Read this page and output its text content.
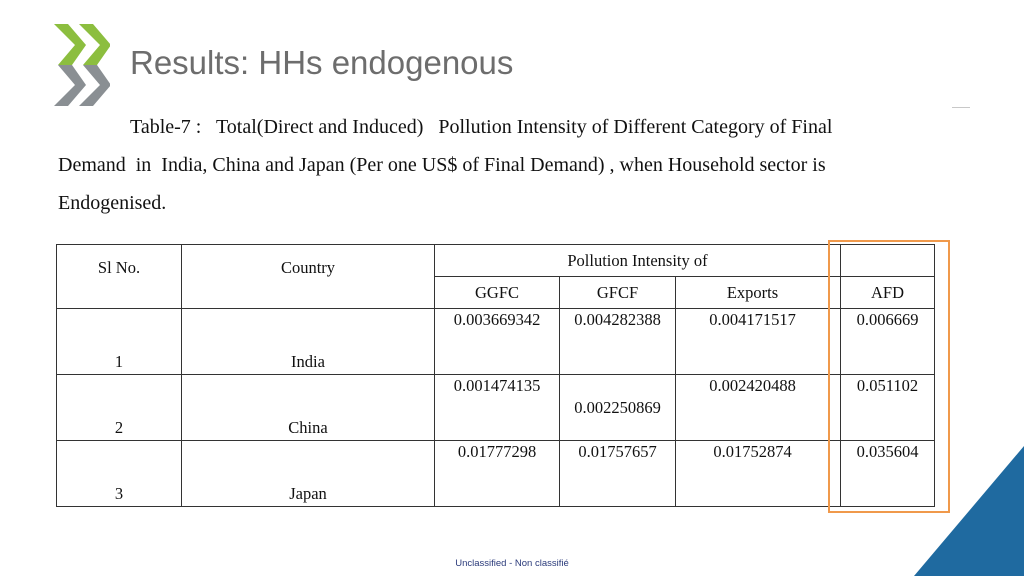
Results: HHs endogenous

Table-7 :   Total(Direct and Induced)   Pollution Intensity of Different Category of Final

Demand  in  India, China and Japan (Per one US$ of Final Demand) , when Household sector is

Endogenised.

Sl No.	Country	Pollution Intensity of				
		GGFC	GFCF	Exports		AFD
1	India	0.003669342	0.004282388	0.004171517		0.006669
2	China	0.001474135	0.002250869	0.002420488		0.051102
3	Japan	0.01777298	0.01757657	0.01752874		0.035604
Unclassified - Non classifié
